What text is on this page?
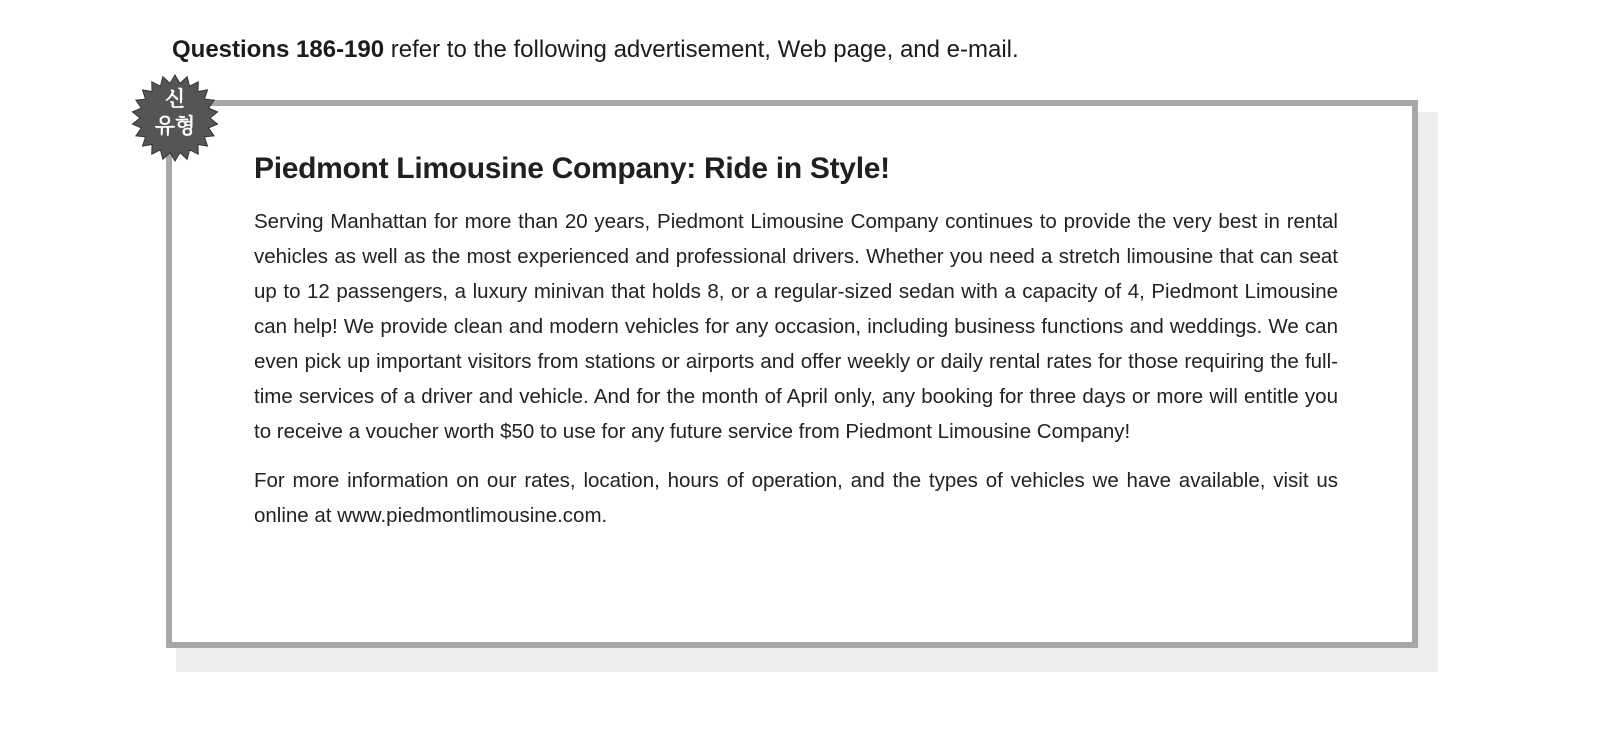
Questions 186-190 refer to the following advertisement, Web page, and e-mail.
신
유형
Piedmont Limousine Company: Ride in Style!

Serving Manhattan for more than 20 years, Piedmont Limousine Company continues to provide the very best in rental vehicles as well as the most experienced and professional drivers. Whether you need a stretch limousine that can seat up to 12 passengers, a luxury minivan that holds 8, or a regular-sized sedan with a capacity of 4, Piedmont Limousine can help! We provide clean and modern vehicles for any occasion, including business functions and weddings. We can even pick up important visitors from stations or airports and offer weekly or daily rental rates for those requiring the full-time services of a driver and vehicle. And for the month of April only, any booking for three days or more will entitle you to receive a voucher worth $50 to use for any future service from Piedmont Limousine Company!

For more information on our rates, location, hours of operation, and the types of vehicles we have available, visit us online at www.piedmontlimousine.com.
